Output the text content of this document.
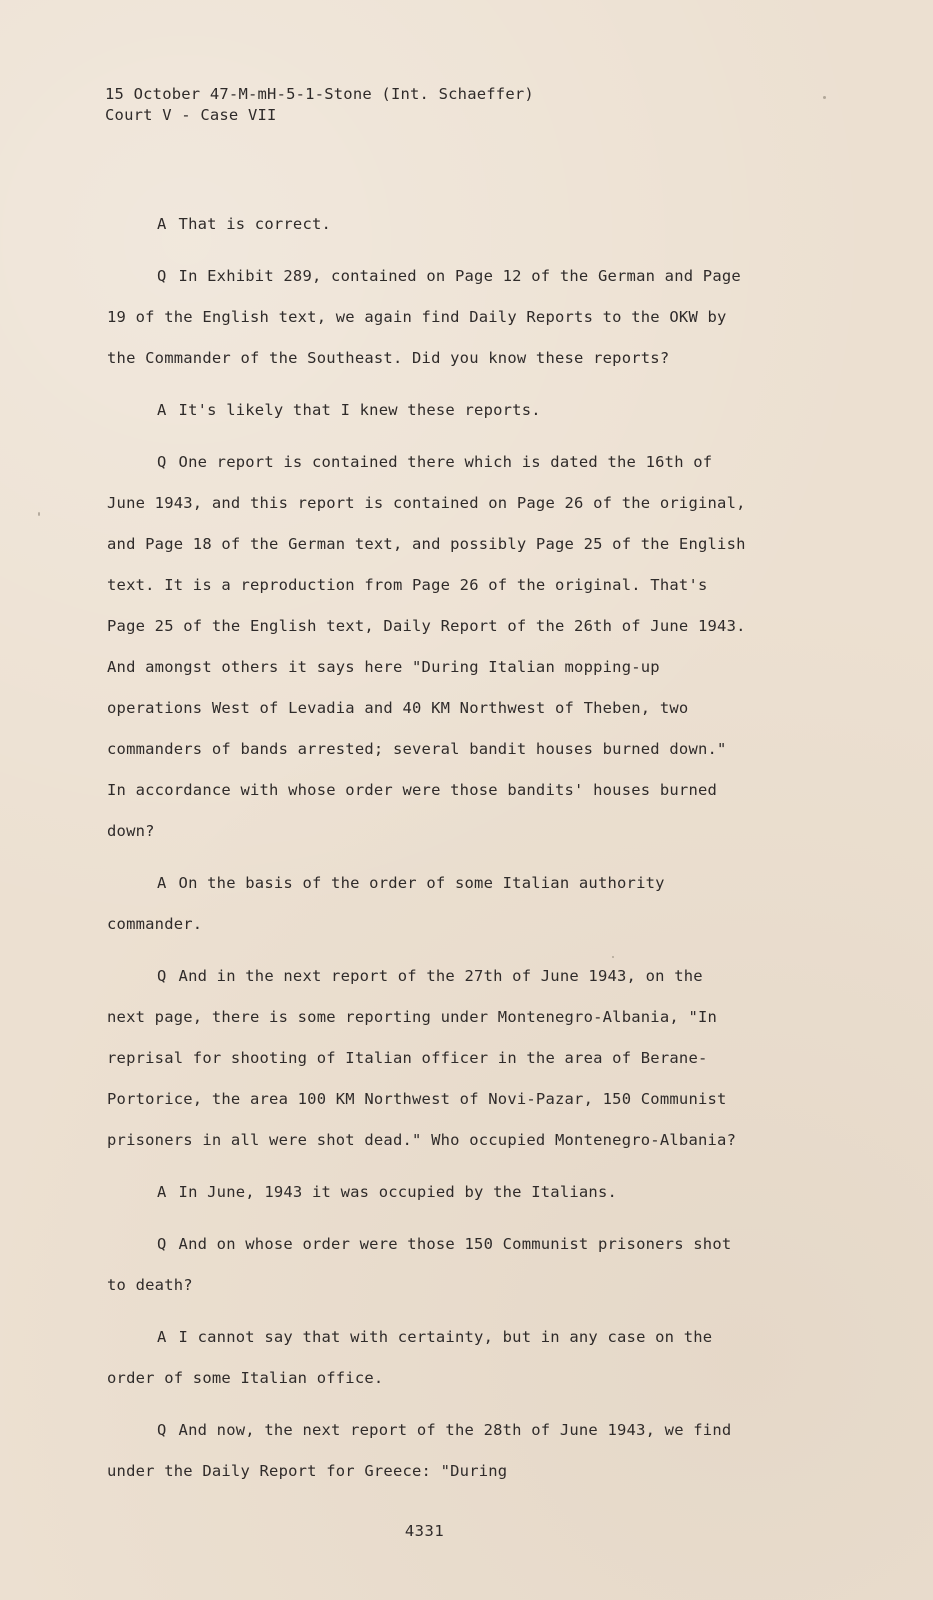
15 October 47-M-mH-5-1-Stone (Int. Schaeffer)
Court V - Case VII

A That is correct.

Q In Exhibit 289, contained on Page 12 of the German and Page 19 of the English text, we again find Daily Reports to the OKW by the Commander of the Southeast. Did you know these reports?

A It's likely that I knew these reports.

Q One report is contained there which is dated the 16th of June 1943, and this report is contained on Page 26 of the original, and Page 18 of the German text, and possibly Page 25 of the English text. It is a reproduction from Page 26 of the original. That's Page 25 of the English text, Daily Report of the 26th of June 1943. And amongst others it says here "During Italian mopping-up operations West of Levadia and 40 KM Northwest of Theben, two commanders of bands arrested; several bandit houses burned down." In accordance with whose order were those bandits' houses burned down?

A On the basis of the order of some Italian authority commander.

Q And in the next report of the 27th of June 1943, on the next page, there is some reporting under Montenegro-Albania, "In reprisal for shooting of Italian officer in the area of Berane-Portorice, the area 100 KM Northwest of Novi-Pazar, 150 Communist prisoners in all were shot dead." Who occupied Montenegro-Albania?

A In June, 1943 it was occupied by the Italians.

Q And on whose order were those 150 Communist prisoners shot to death?

A I cannot say that with certainty, but in any case on the order of some Italian office.

Q And now, the next report of the 28th of June 1943, we find under the Daily Report for Greece: "During

4331
